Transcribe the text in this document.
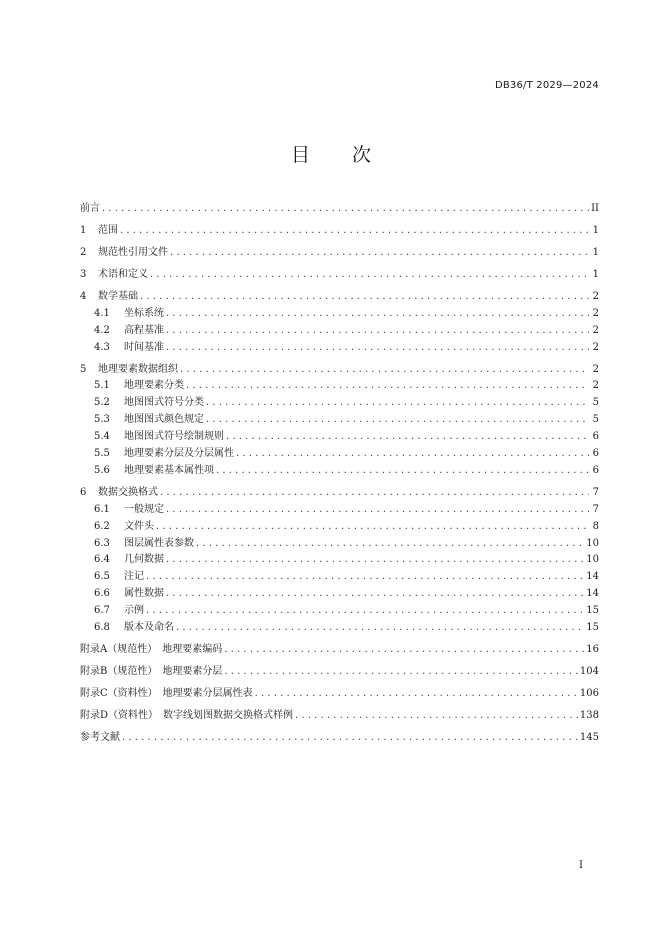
DB36/T 2029—2024
目 次
前言 .....	II
1	范围 .....	1
2	规范性引用文件 .....	1
3	术语和定义 .....	1
4	数学基础 .....	2
4.1	坐标系统 .....	2
4.2	高程基准 .....	2
4.3	时间基准 .....	2
5	地理要素数据组织 .....	2
5.1	地理要素分类 .....	2
5.2	地图图式符号分类 .....	5
5.3	地图图式颜色规定 .....	5
5.4	地图图式符号绘制规则 .....	6
5.5	地理要素分层及分层属性 .....	6
5.6	地理要素基本属性项 .....	6
6	数据交换格式 .....	7
6.1	一般规定 .....	7
6.2	文件头 .....	8
6.3	图层属性表参数 .....	10
6.4	几何数据 .....	10
6.5	注记 .....	14
6.6	属性数据 .....	14
6.7	示例 .....	15
6.8	版本及命名 .....	15
附录A（规范性）　地理要素编码 .....	16
附录B（规范性）　地理要素分层 .....	104
附录C（资料性）　地理要素分层属性表 .....	106
附录D（资料性）　数字线划图数据交换格式样例 .....	138
参考文献 .....	145
I
